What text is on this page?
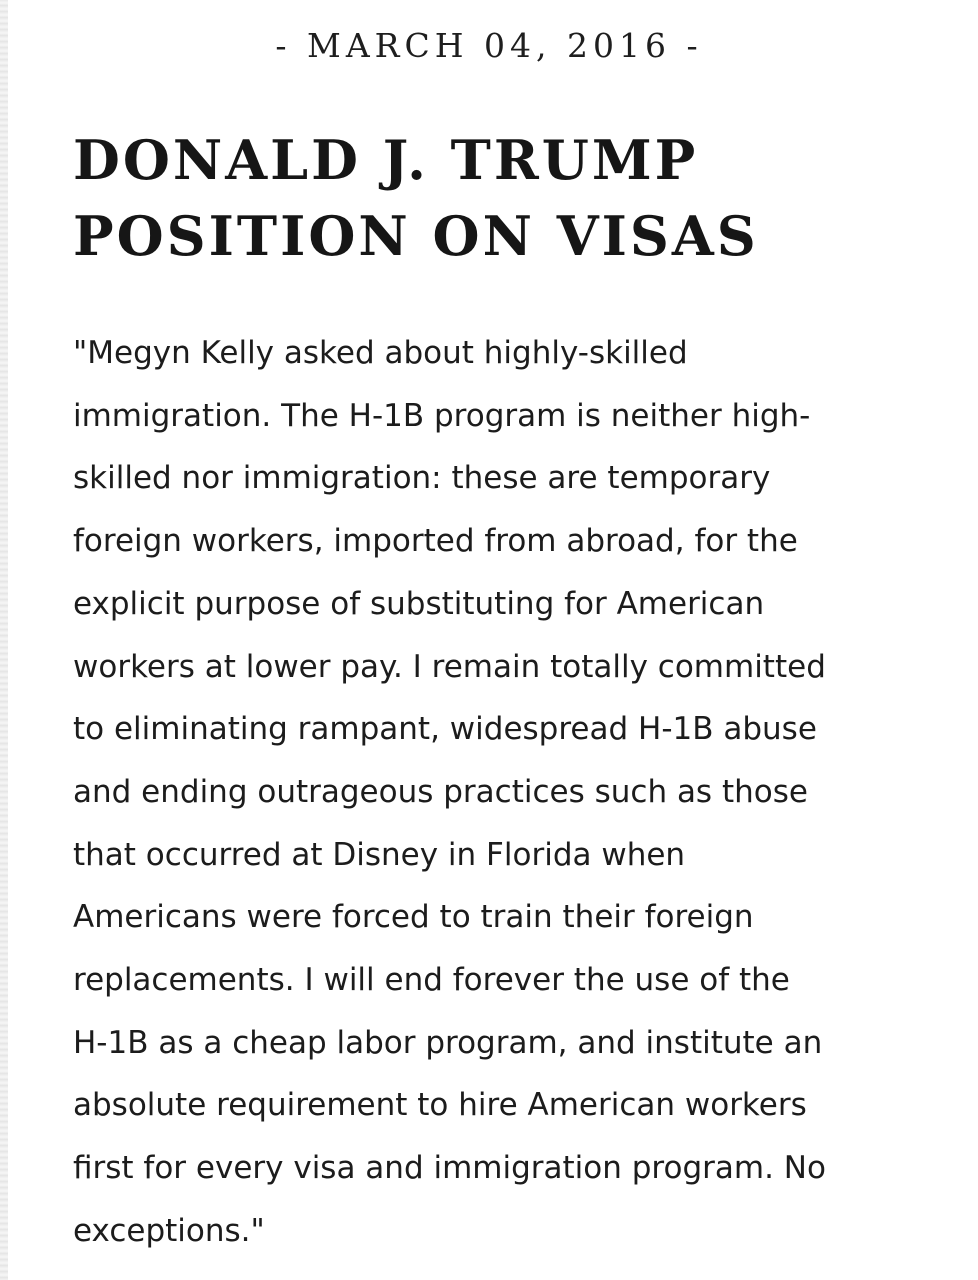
- MARCH 04, 2016 -
DONALD J. TRUMP
POSITION ON VISAS
"Megyn Kelly asked about highly-skilled
immigration. The H-1B program is neither high-
skilled nor immigration: these are temporary
foreign workers, imported from abroad, for the
explicit purpose of substituting for American
workers at lower pay. I remain totally committed
to eliminating rampant, widespread H-1B abuse
and ending outrageous practices such as those
that occurred at Disney in Florida when
Americans were forced to train their foreign
replacements. I will end forever the use of the
H-1B as a cheap labor program, and institute an
absolute requirement to hire American workers
first for every visa and immigration program. No
exceptions."
